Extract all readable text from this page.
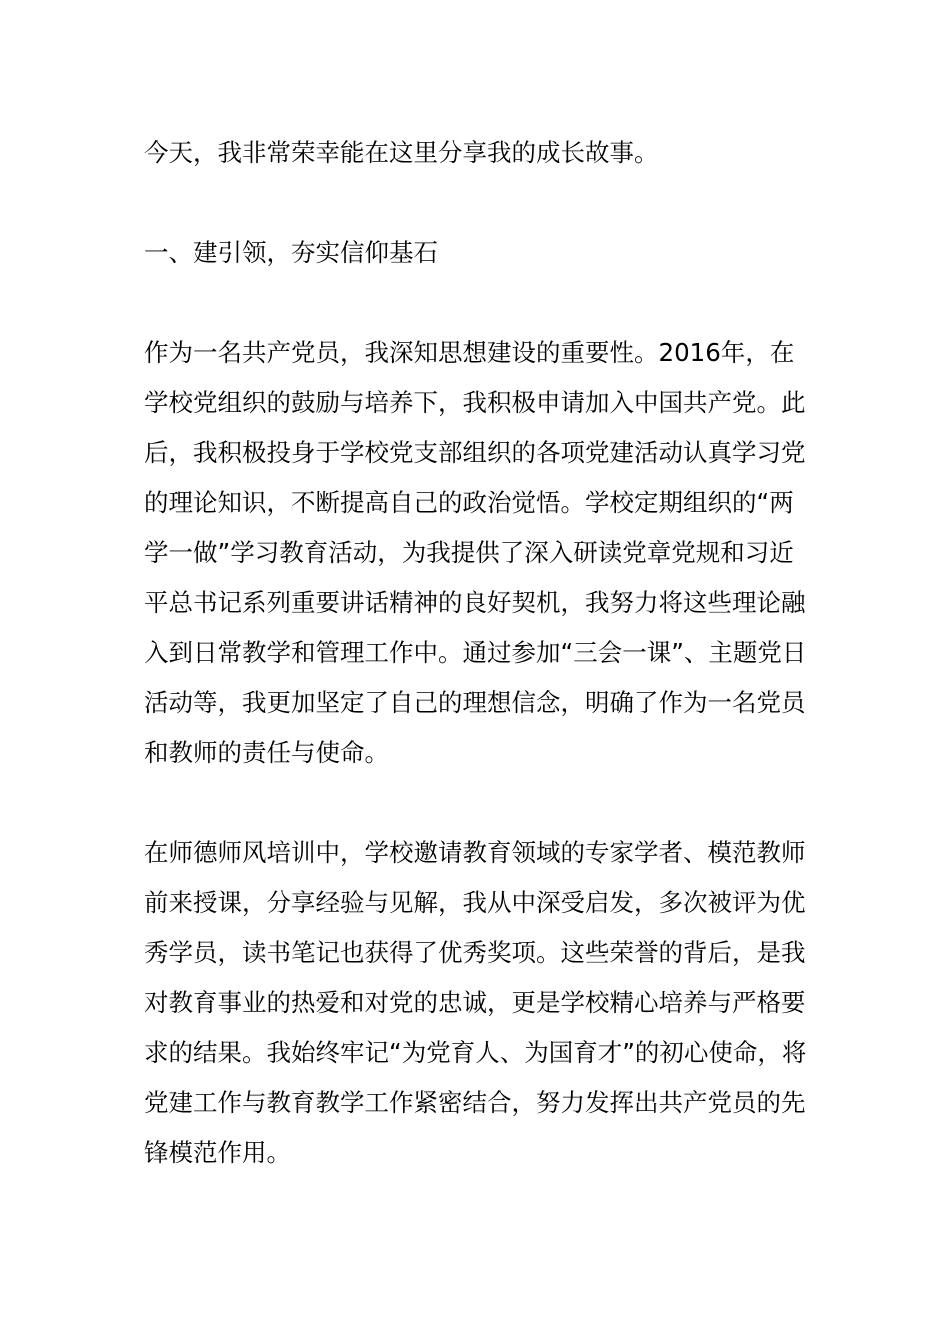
今天，我非常荣幸能在这里分享我的成长故事。

一、建引领，夯实信仰基石

作为一名共产党员，我深知思想建设的重要性。2016年，在学校党组织的鼓励与培养下，我积极申请加入中国共产党。此后，我积极投身于学校党支部组织的各项党建活动认真学习党的理论知识，不断提高自己的政治觉悟。学校定期组织的“两学一做”学习教育活动，为我提供了深入研读党章党规和习近平总书记系列重要讲话精神的良好契机，我努力将这些理论融入到日常教学和管理工作中。通过参加“三会一课”、主题党日活动等，我更加坚定了自己的理想信念，明确了作为一名党员和教师的责任与使命。

在师德师风培训中，学校邀请教育领域的专家学者、模范教师前来授课，分享经验与见解，我从中深受启发，多次被评为优秀学员，读书笔记也获得了优秀奖项。这些荣誉的背后，是我对教育事业的热爱和对党的忠诚，更是学校精心培养与严格要求的结果。我始终牢记“为党育人、为国育才”的初心使命，将党建工作与教育教学工作紧密结合，努力发挥出共产党员的先锋模范作用。
